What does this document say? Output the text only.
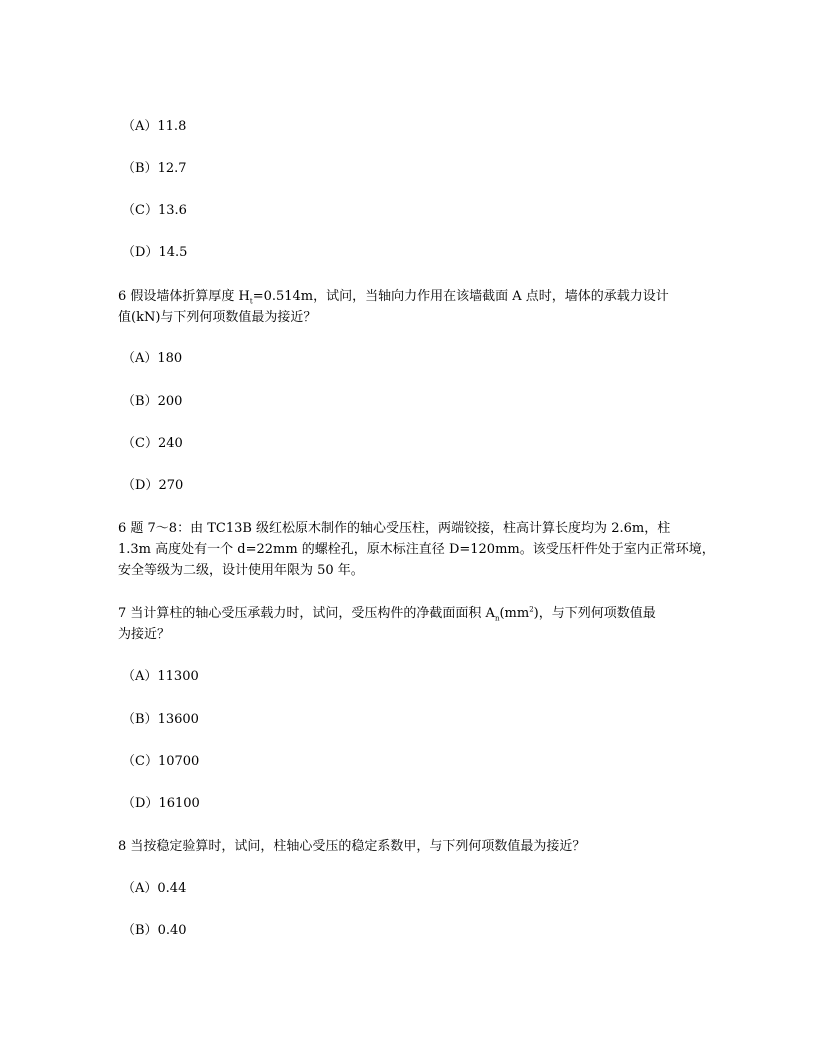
（A）11.8
（B）12.7
（C）13.6
（D）14.5
6 假设墙体折算厚度 $H_t=0.514m$，试问，当轴向力作用在该墙截面 A 点时，墙体的承载力设计
值(kN)与下列何项数值最为接近？
（A）180
（B）200
（C）240
（D）270
6 题 7～8：由 TC13B 级红松原木制作的轴心受压柱，两端铰接，柱高计算长度均为 2.6m，柱
1.3m 高度处有一个 d=22mm 的螺栓孔，原木标注直径 D=120mm。该受压杆件处于室内正常环境，
安全等级为二级，设计使用年限为 50 年。
7 当计算柱的轴心受压承载力时，试问，受压构件的净截面面积 $A_n(mm^2)$，与下列何项数值最
为接近？
（A）11300
（B）13600
（C）10700
（D）16100
8 当按稳定验算时，试问，柱轴心受压的稳定系数甲，与下列何项数值最为接近？
（A）0.44
（B）0.40
